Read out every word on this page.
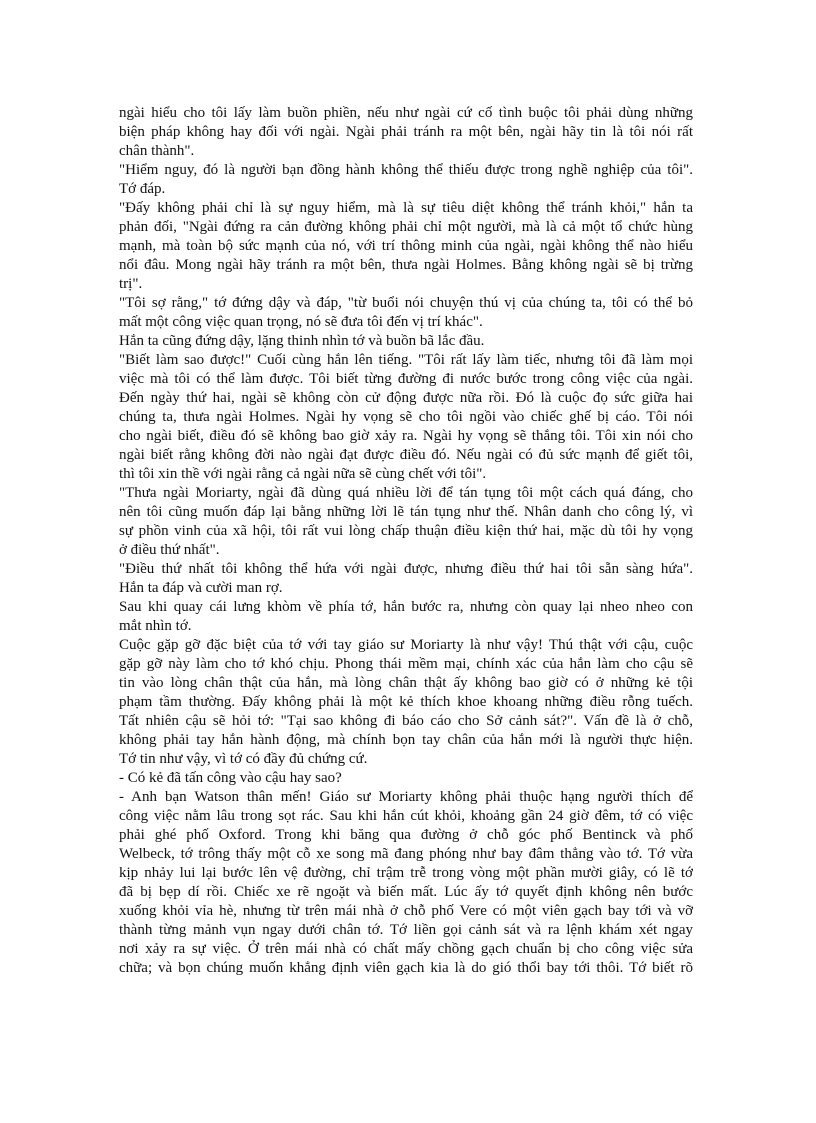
ngài hiểu cho tôi lấy làm buồn phiền, nếu như ngài cứ cố tình buộc tôi phải dùng những
biện pháp không hay đối với ngài. Ngài phải tránh ra một bên, ngài hãy tin là tôi nói rất
chân thành".
"Hiểm nguy, đó là người bạn đồng hành không thể thiếu được trong nghề nghiệp của tôi".
Tớ đáp.
"Đấy không phải chỉ là sự nguy hiểm, mà là sự tiêu diệt không thể tránh khỏi," hắn ta
phản đối, "Ngài đứng ra cản đường không phải chỉ một người, mà là cả một tổ chức hùng
mạnh, mà toàn bộ sức mạnh của nó, với trí thông minh của ngài, ngài không thể nào hiểu
nổi đâu. Mong ngài hãy tránh ra một bên, thưa ngài Holmes. Bằng không ngài sẽ bị trừng
trị".
"Tôi sợ rằng," tớ đứng dậy và đáp, "từ buổi nói chuyện thú vị của chúng ta, tôi có thể bỏ
mất một công việc quan trọng, nó sẽ đưa tôi đến vị trí khác".
Hắn ta cũng đứng dậy, lặng thinh nhìn tớ và buồn bã lắc đầu.
"Biết làm sao được!" Cuối cùng hắn lên tiếng. "Tôi rất lấy làm tiếc, nhưng tôi đã làm mọi
việc mà tôi có thể làm được. Tôi biết từng đường đi nước bước trong công việc của ngài.
Đến ngày thứ hai, ngài sẽ không còn cử động được nữa rồi. Đó là cuộc đọ sức giữa hai
chúng ta, thưa ngài Holmes. Ngài hy vọng sẽ cho tôi ngồi vào chiếc ghế bị cáo. Tôi nói
cho ngài biết, điều đó sẽ không bao giờ xảy ra. Ngài hy vọng sẽ thắng tôi. Tôi xin nói cho
ngài biết rằng không đời nào ngài đạt được điều đó. Nếu ngài có đủ sức mạnh để giết tôi,
thì tôi xin thề với ngài rằng cả ngài nữa sẽ cùng chết với tôi".
"Thưa ngài Moriarty, ngài đã dùng quá nhiều lời để tán tụng tôi một cách quá đáng, cho
nên tôi cũng muốn đáp lại bằng những lời lẽ tán tụng như thế. Nhân danh cho công lý, vì
sự phồn vinh của xã hội, tôi rất vui lòng chấp thuận điều kiện thứ hai, mặc dù tôi hy vọng
ở điều thứ nhất".
"Điều thứ nhất tôi không thể hứa với ngài được, nhưng điều thứ hai tôi sẵn sàng hứa".
Hắn ta đáp và cười man rợ.
Sau khi quay cái lưng khòm về phía tớ, hắn bước ra, nhưng còn quay lại nheo nheo con
mắt nhìn tớ.
Cuộc gặp gỡ đặc biệt của tớ với tay giáo sư Moriarty là như vậy! Thú thật với cậu, cuộc
gặp gỡ này làm cho tớ khó chịu. Phong thái mềm mại, chính xác của hắn làm cho cậu sẽ
tin vào lòng chân thật của hắn, mà lòng chân thật ấy không bao giờ có ở những kẻ tội
phạm tầm thường. Đấy không phải là một kẻ thích khoe khoang những điều rỗng tuếch.
Tất nhiên cậu sẽ hỏi tớ: "Tại sao không đi báo cáo cho Sở cảnh sát?". Vấn đề là ở chỗ,
không phải tay hắn hành động, mà chính bọn tay chân của hắn mới là người thực hiện.
Tớ tin như vậy, vì tớ có đầy đủ chứng cứ.
- Có kẻ đã tấn công vào cậu hay sao?
- Anh bạn Watson thân mến! Giáo sư Moriarty không phải thuộc hạng người thích để
công việc nằm lâu trong sọt rác. Sau khi hắn cút khỏi, khoảng gần 24 giờ đêm, tớ có việc
phải ghé phố Oxford. Trong khi băng qua đường ở chỗ góc phố Bentinck và phố
Welbeck, tớ trông thấy một cỗ xe song mã đang phóng như bay đâm thẳng vào tớ. Tớ vừa
kịp nhảy lui lại bước lên vệ đường, chỉ trậm trễ trong vòng một phần mười giây, có lẽ tớ
đã bị bẹp dí rồi. Chiếc xe rẽ ngoặt và biến mất. Lúc ấy tớ quyết định không nên bước
xuống khỏi vỉa hè, nhưng từ trên mái nhà ở chỗ phố Vere có một viên gạch bay tới và vỡ
thành từng mảnh vụn ngay dưới chân tớ. Tớ liền gọi cảnh sát và ra lệnh khám xét ngay
nơi xảy ra sự việc. Ở trên mái nhà có chất mấy chồng gạch chuẩn bị cho công việc sửa
chữa; và bọn chúng muốn khẳng định viên gạch kia là do gió thổi bay tới thôi. Tớ biết rõ
